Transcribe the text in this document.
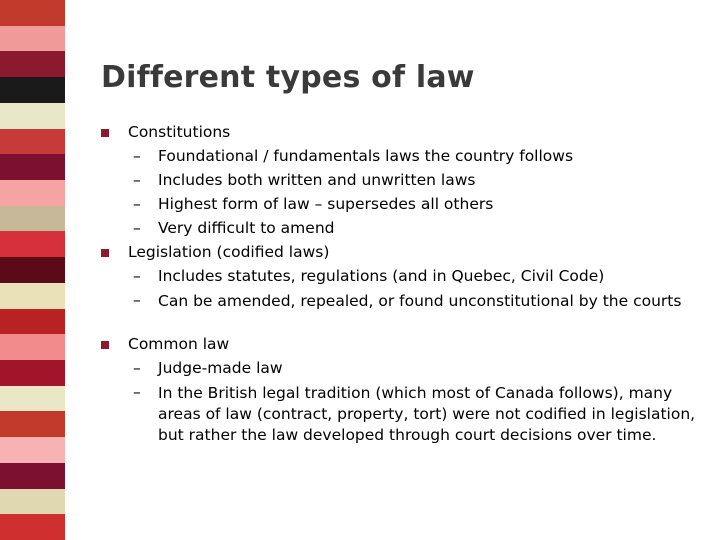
Different types of law
Constitutions
– Foundational / fundamentals laws the country follows
– Includes both written and unwritten laws
– Highest form of law – supersedes all others
– Very difficult to amend
Legislation (codified laws)
– Includes statutes, regulations (and in Quebec, Civil Code)
– Can be amended, repealed, or found unconstitutional by the courts
Common law
– Judge-made law
– In the British legal tradition (which most of Canada follows), many areas of law (contract, property, tort) were not codified in legislation, but rather the law developed through court decisions over time.
